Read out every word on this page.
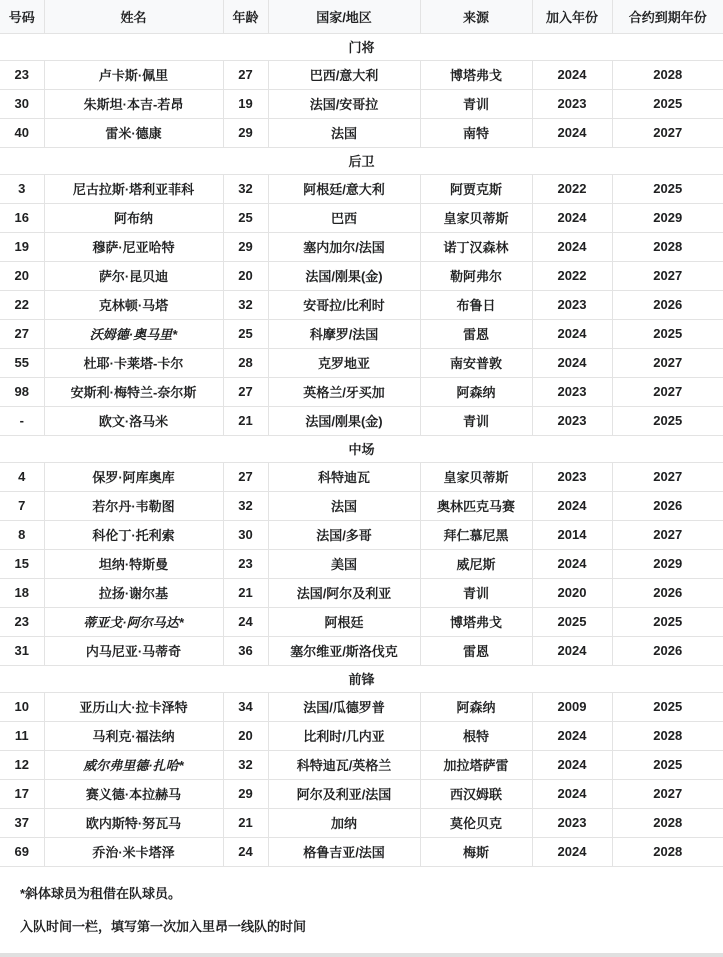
号码	姓名	年龄	国家/地区	来源	加入年份	合约到期年份
门将						
23	卢卡斯·佩里	27	巴西/意大利	博塔弗戈	2024	2028
30	朱斯坦·本吉-若昂	19	法国/安哥拉	青训	2023	2025
40	雷米·德康	29	法国	南特	2024	2027
后卫						
3	尼古拉斯·塔利亚菲科	32	阿根廷/意大利	阿贾克斯	2022	2025
16	阿布纳	25	巴西	皇家贝蒂斯	2024	2029
19	穆萨·尼亚哈特	29	塞内加尔/法国	诺丁汉森林	2024	2028
20	萨尔·昆贝迪	20	法国/刚果(金)	勒阿弗尔	2022	2027
22	克林顿·马塔	32	安哥拉/比利时	布鲁日	2023	2026
27	沃姆德·奥马里*	25	科摩罗/法国	雷恩	2024	2025
55	杜耶·卡莱塔-卡尔	28	克罗地亚	南安普敦	2024	2027
98	安斯利·梅特兰-奈尔斯	27	英格兰/牙买加	阿森纳	2023	2027
-	欧文·洛马米	21	法国/刚果(金)	青训	2023	2025
中场						
4	保罗·阿库奥库	27	科特迪瓦	皇家贝蒂斯	2023	2027
7	若尔丹·韦勒图	32	法国	奥林匹克马赛	2024	2026
8	科伦丁·托利索	30	法国/多哥	拜仁慕尼黑	2014	2027
15	坦纳·特斯曼	23	美国	威尼斯	2024	2029
18	拉扬·谢尔基	21	法国/阿尔及利亚	青训	2020	2026
23	蒂亚戈·阿尔马达*	24	阿根廷	博塔弗戈	2025	2025
31	内马尼亚·马蒂奇	36	塞尔维亚/斯洛伐克	雷恩	2024	2026
前锋						
10	亚历山大·拉卡泽特	34	法国/瓜德罗普	阿森纳	2009	2025
11	马利克·福法纳	20	比利时/几内亚	根特	2024	2028
12	威尔弗里德·扎哈*	32	科特迪瓦/英格兰	加拉塔萨雷	2024	2025
17	赛义德·本拉赫马	29	阿尔及利亚/法国	西汉姆联	2024	2027
37	欧内斯特·努瓦马	21	加纳	莫伦贝克	2023	2028
69	乔治·米卡塔泽	24	格鲁吉亚/法国	梅斯	2024	2028

*斜体球员为租借在队球员。

入队时间一栏，填写第一次加入里昂一线队的时间
